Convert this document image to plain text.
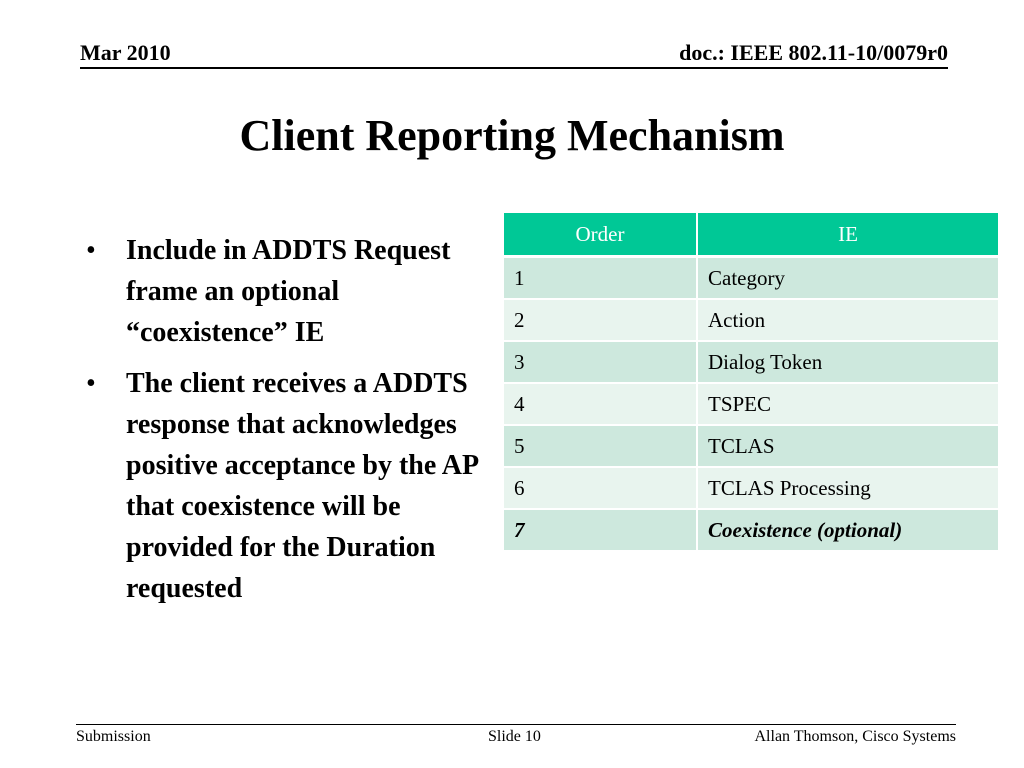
Mar 2010	doc.: IEEE 802.11-10/0079r0
Client Reporting Mechanism
• Include in ADDTS Request frame an optional “coexistence” IE
• The client receives a ADDTS response that acknowledges positive acceptance by the AP that coexistence will be provided for the Duration requested
Order	IE
1	Category
2	Action
3	Dialog Token
4	TSPEC
5	TCLAS
6	TCLAS Processing
7	Coexistence (optional)
Submission	Slide 10	Allan Thomson, Cisco Systems
